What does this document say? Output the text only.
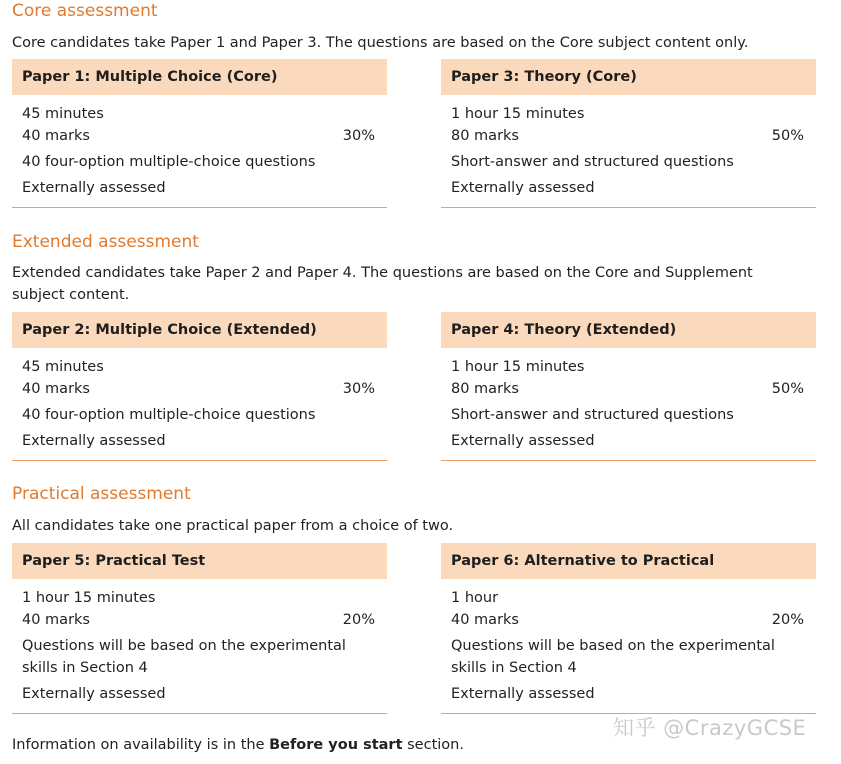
Core assessment

Core candidates take Paper 1 and Paper 3. The questions are based on the Core subject content only.

Paper 1: Multiple Choice (Core)
45 minutes
40 marks	30%
40 four-option multiple-choice questions
Externally assessed
Paper 3: Theory (Core)
1 hour 15 minutes
80 marks	50%
Short-answer and structured questions
Externally assessed
Extended assessment

Extended candidates take Paper 2 and Paper 4. The questions are based on the Core and Supplement subject content.

Paper 2: Multiple Choice (Extended)
45 minutes
40 marks	30%
40 four-option multiple-choice questions
Externally assessed
Paper 4: Theory (Extended)
1 hour 15 minutes
80 marks	50%
Short-answer and structured questions
Externally assessed
Practical assessment

All candidates take one practical paper from a choice of two.

Paper 5: Practical Test
1 hour 15 minutes
40 marks	20%
Questions will be based on the experimental skills in Section 4
Externally assessed
Paper 6: Alternative to Practical
1 hour
40 marks	20%
Questions will be based on the experimental skills in Section 4
Externally assessed

Information on availability is in the Before you start section.

知乎 @CrazyGCSE
